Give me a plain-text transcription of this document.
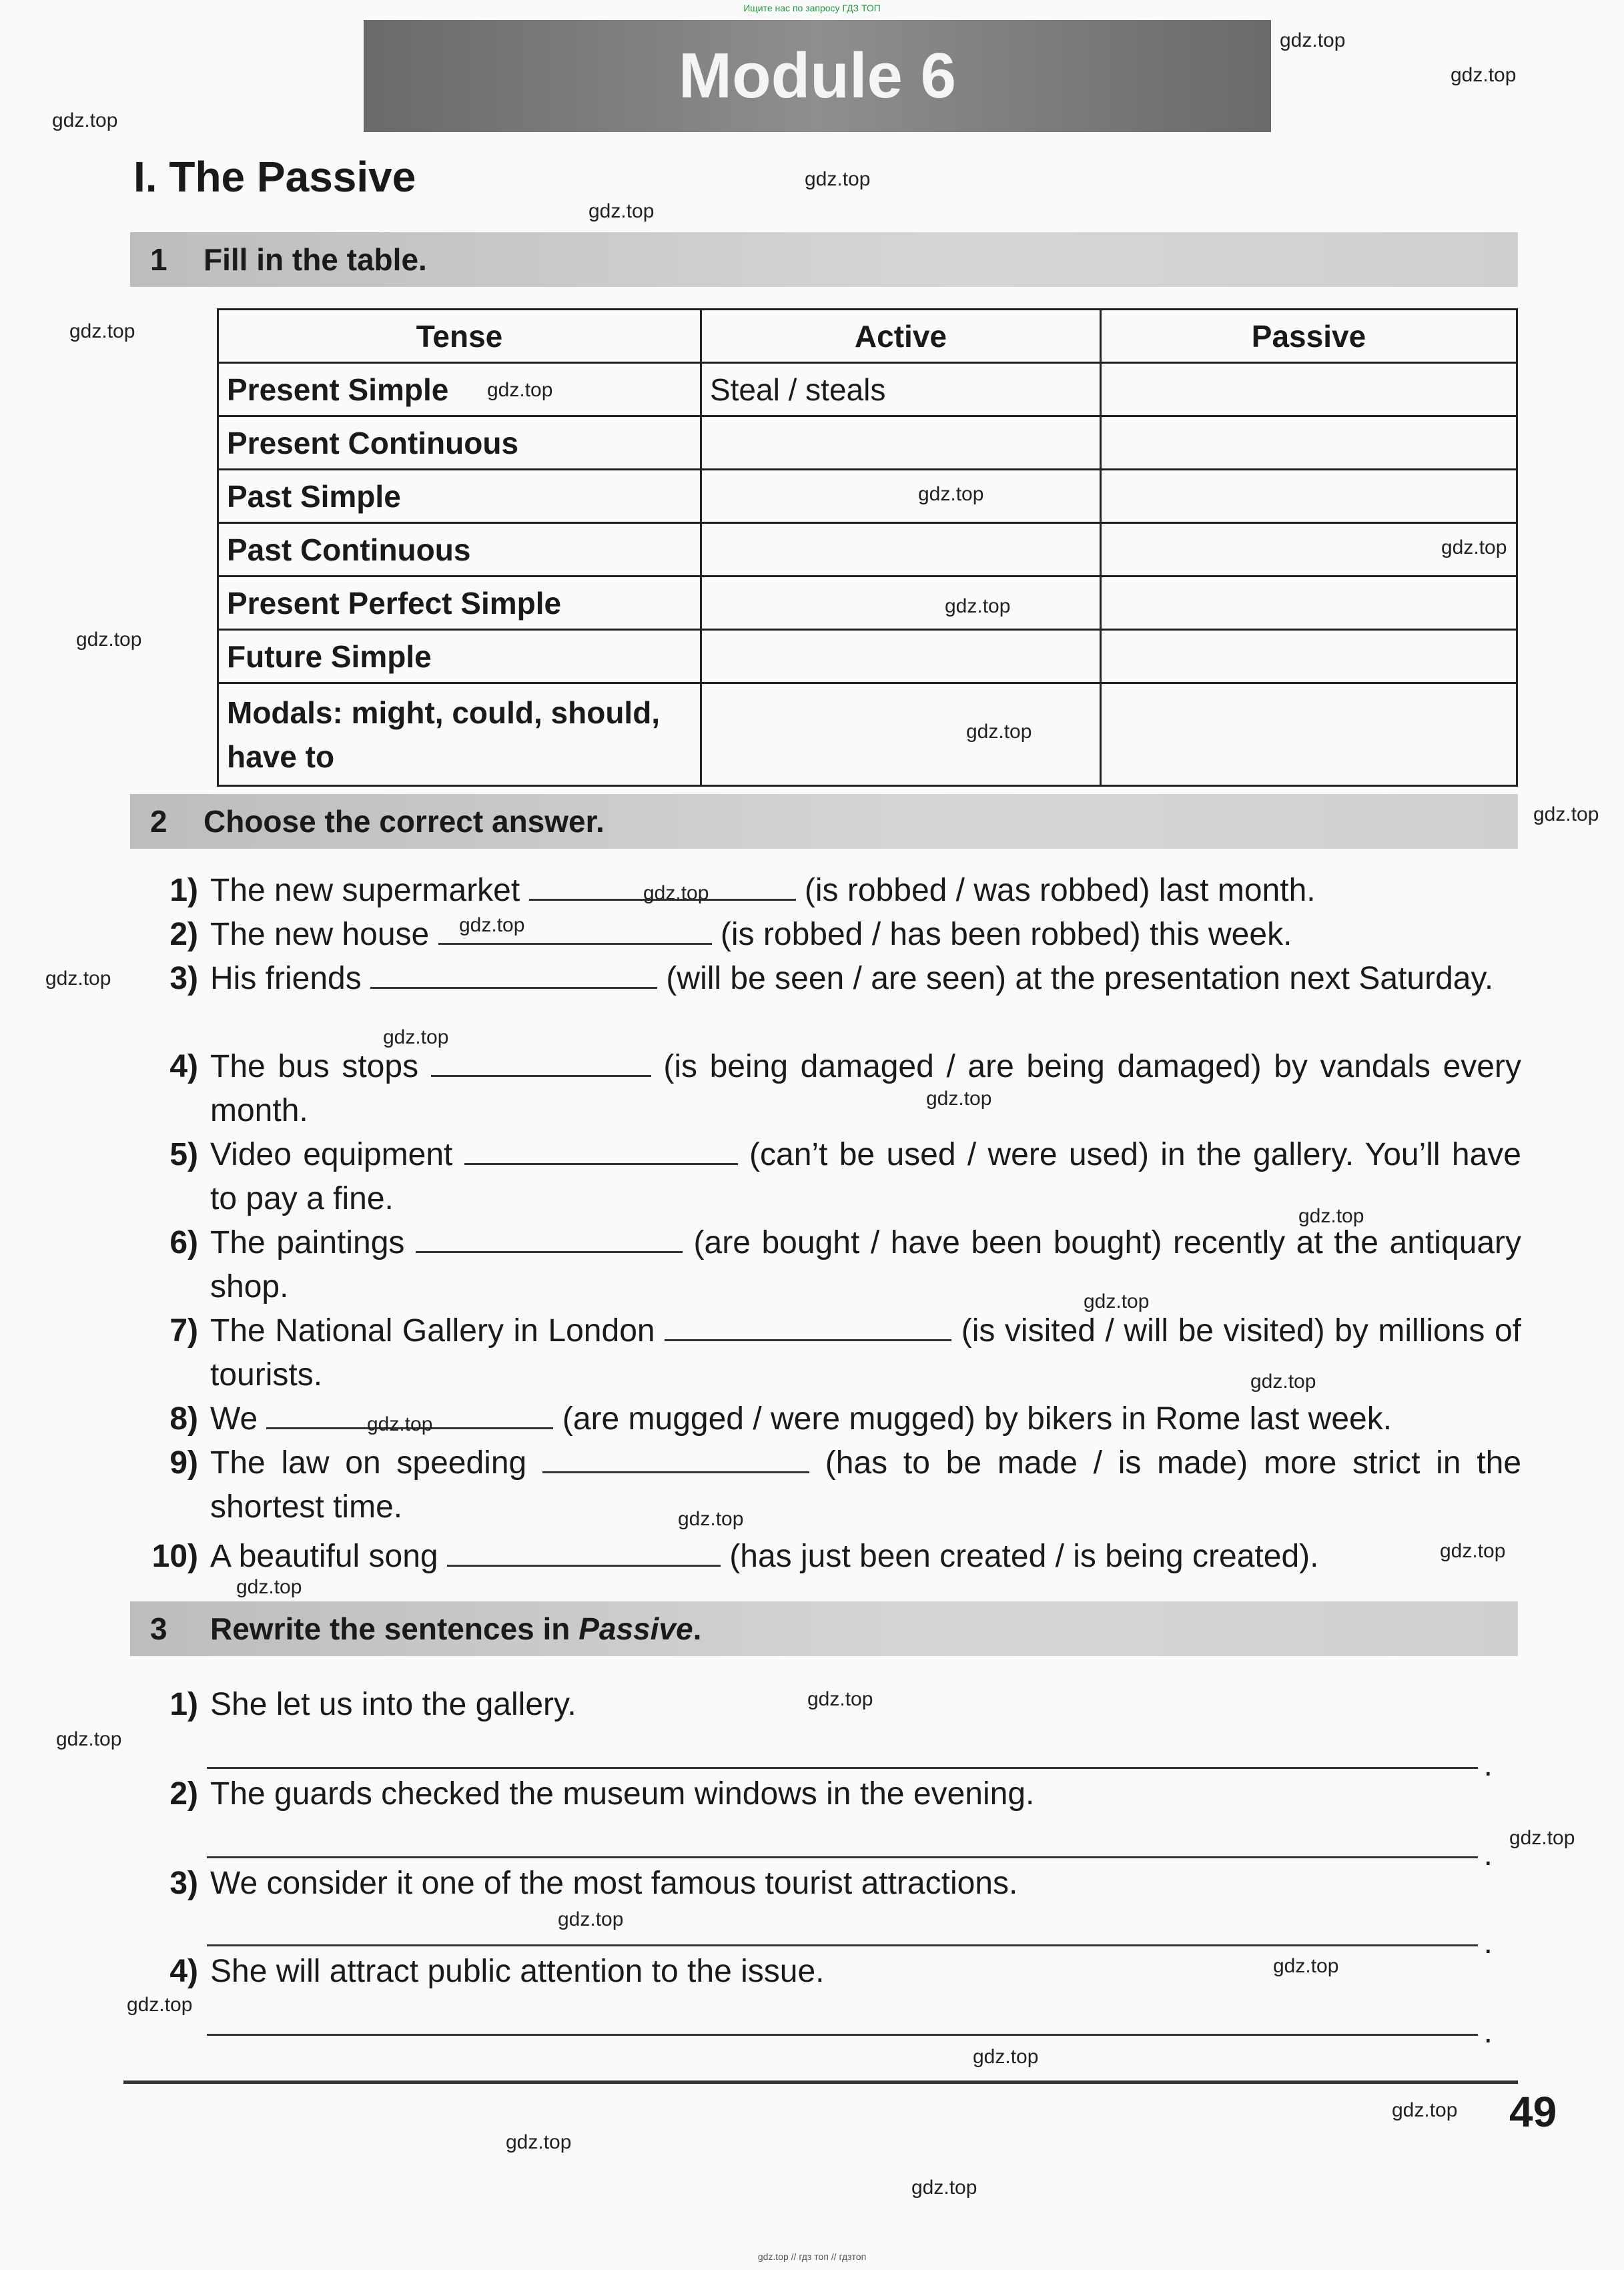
Ищите нас по запросу ГДЗ ТОП
Module 6
I. The Passive
1	Fill in the table.
Tense	Active	Passive
Present Simple	Steal / steals	
Present Continuous		
Past Simple		
Past Continuous		
Present Perfect Simple		
Future Simple		
Modals: might, could, should, have to		
2	Choose the correct answer.
1) The new supermarket	(is robbed / was robbed) last month.
2) The new house	(is robbed / has been robbed) this week.
3) His friends	(will be seen / are seen) at the presentation next Saturday.
4) The bus stops	(is being damaged / are being damaged) by vandals every month.
5) Video equipment	(can’t be used / were used) in the gallery. You’ll have to pay a fine.
6) The paintings	(are bought / have been bought) recently at the antiquary shop.
7) The National Gallery in London	(is visited / will be visited) by millions of tourists.
8) We	(are mugged / were mugged) by bikers in Rome last week.
9) The law on speeding	(has to be made / is made) more strict in the shortest time.
10) A beautiful song	(has just been created / is being created).
3	Rewrite the sentences in Passive.
1) She let us into the gallery.
.
2) The guards checked the museum windows in the evening.
.
3) We consider it one of the most famous tourist attractions.
.
4) She will attract public attention to the issue.
.
49
gdz.top // гдз топ // гдзтоп
gdz.top
gdz.top
gdz.top
gdz.top
gdz.top
gdz.top
gdz.top
gdz.top
gdz.top
gdz.top
gdz.top
gdz.top
gdz.top
gdz.top
gdz.top
gdz.top
gdz.top
gdz.top
gdz.top
gdz.top
gdz.top
gdz.top
gdz.top
gdz.top
gdz.top
gdz.top
gdz.top
gdz.top
gdz.top
gdz.top
gdz.top
gdz.top
gdz.top
gdz.top
gdz.top
